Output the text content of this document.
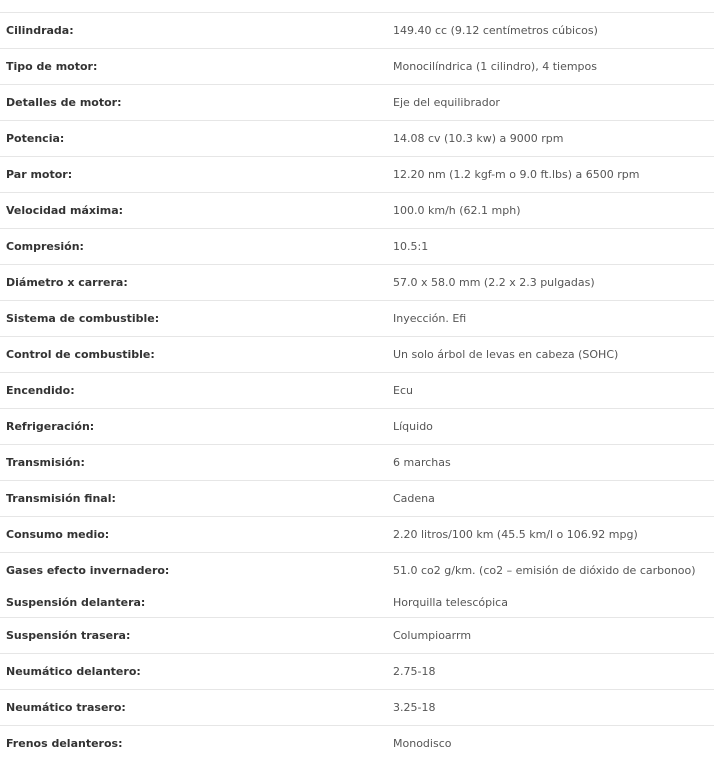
Cilindrada:	149.40 cc (9.12 centímetros cúbicos)
Tipo de motor:	Monocilíndrica (1 cilindro), 4 tiempos
Detalles de motor:	Eje del equilibrador
Potencia:	14.08 cv (10.3 kw) a 9000 rpm
Par motor:	12.20 nm (1.2 kgf-m o 9.0 ft.lbs) a 6500 rpm
Velocidad máxima:	100.0 km/h (62.1 mph)
Compresión:	10.5:1
Diámetro x carrera:	57.0 x 58.0 mm (2.2 x 2.3 pulgadas)
Sistema de combustible:	Inyección. Efi
Control de combustible:	Un solo árbol de levas en cabeza (SOHC)
Encendido:	Ecu
Refrigeración:	Líquido
Transmisión:	6 marchas
Transmisión final:	Cadena
Consumo medio:	2.20 litros/100 km (45.5 km/l o 106.92 mpg)
Gases efecto invernadero:	51.0 co2 g/km. (co2 – emisión de dióxido de carbonoo)
Suspensión delantera:	Horquilla telescópica
Suspensión trasera:	Columpioarrm
Neumático delantero:	2.75-18
Neumático trasero:	3.25-18
Frenos delanteros:	Monodisco
